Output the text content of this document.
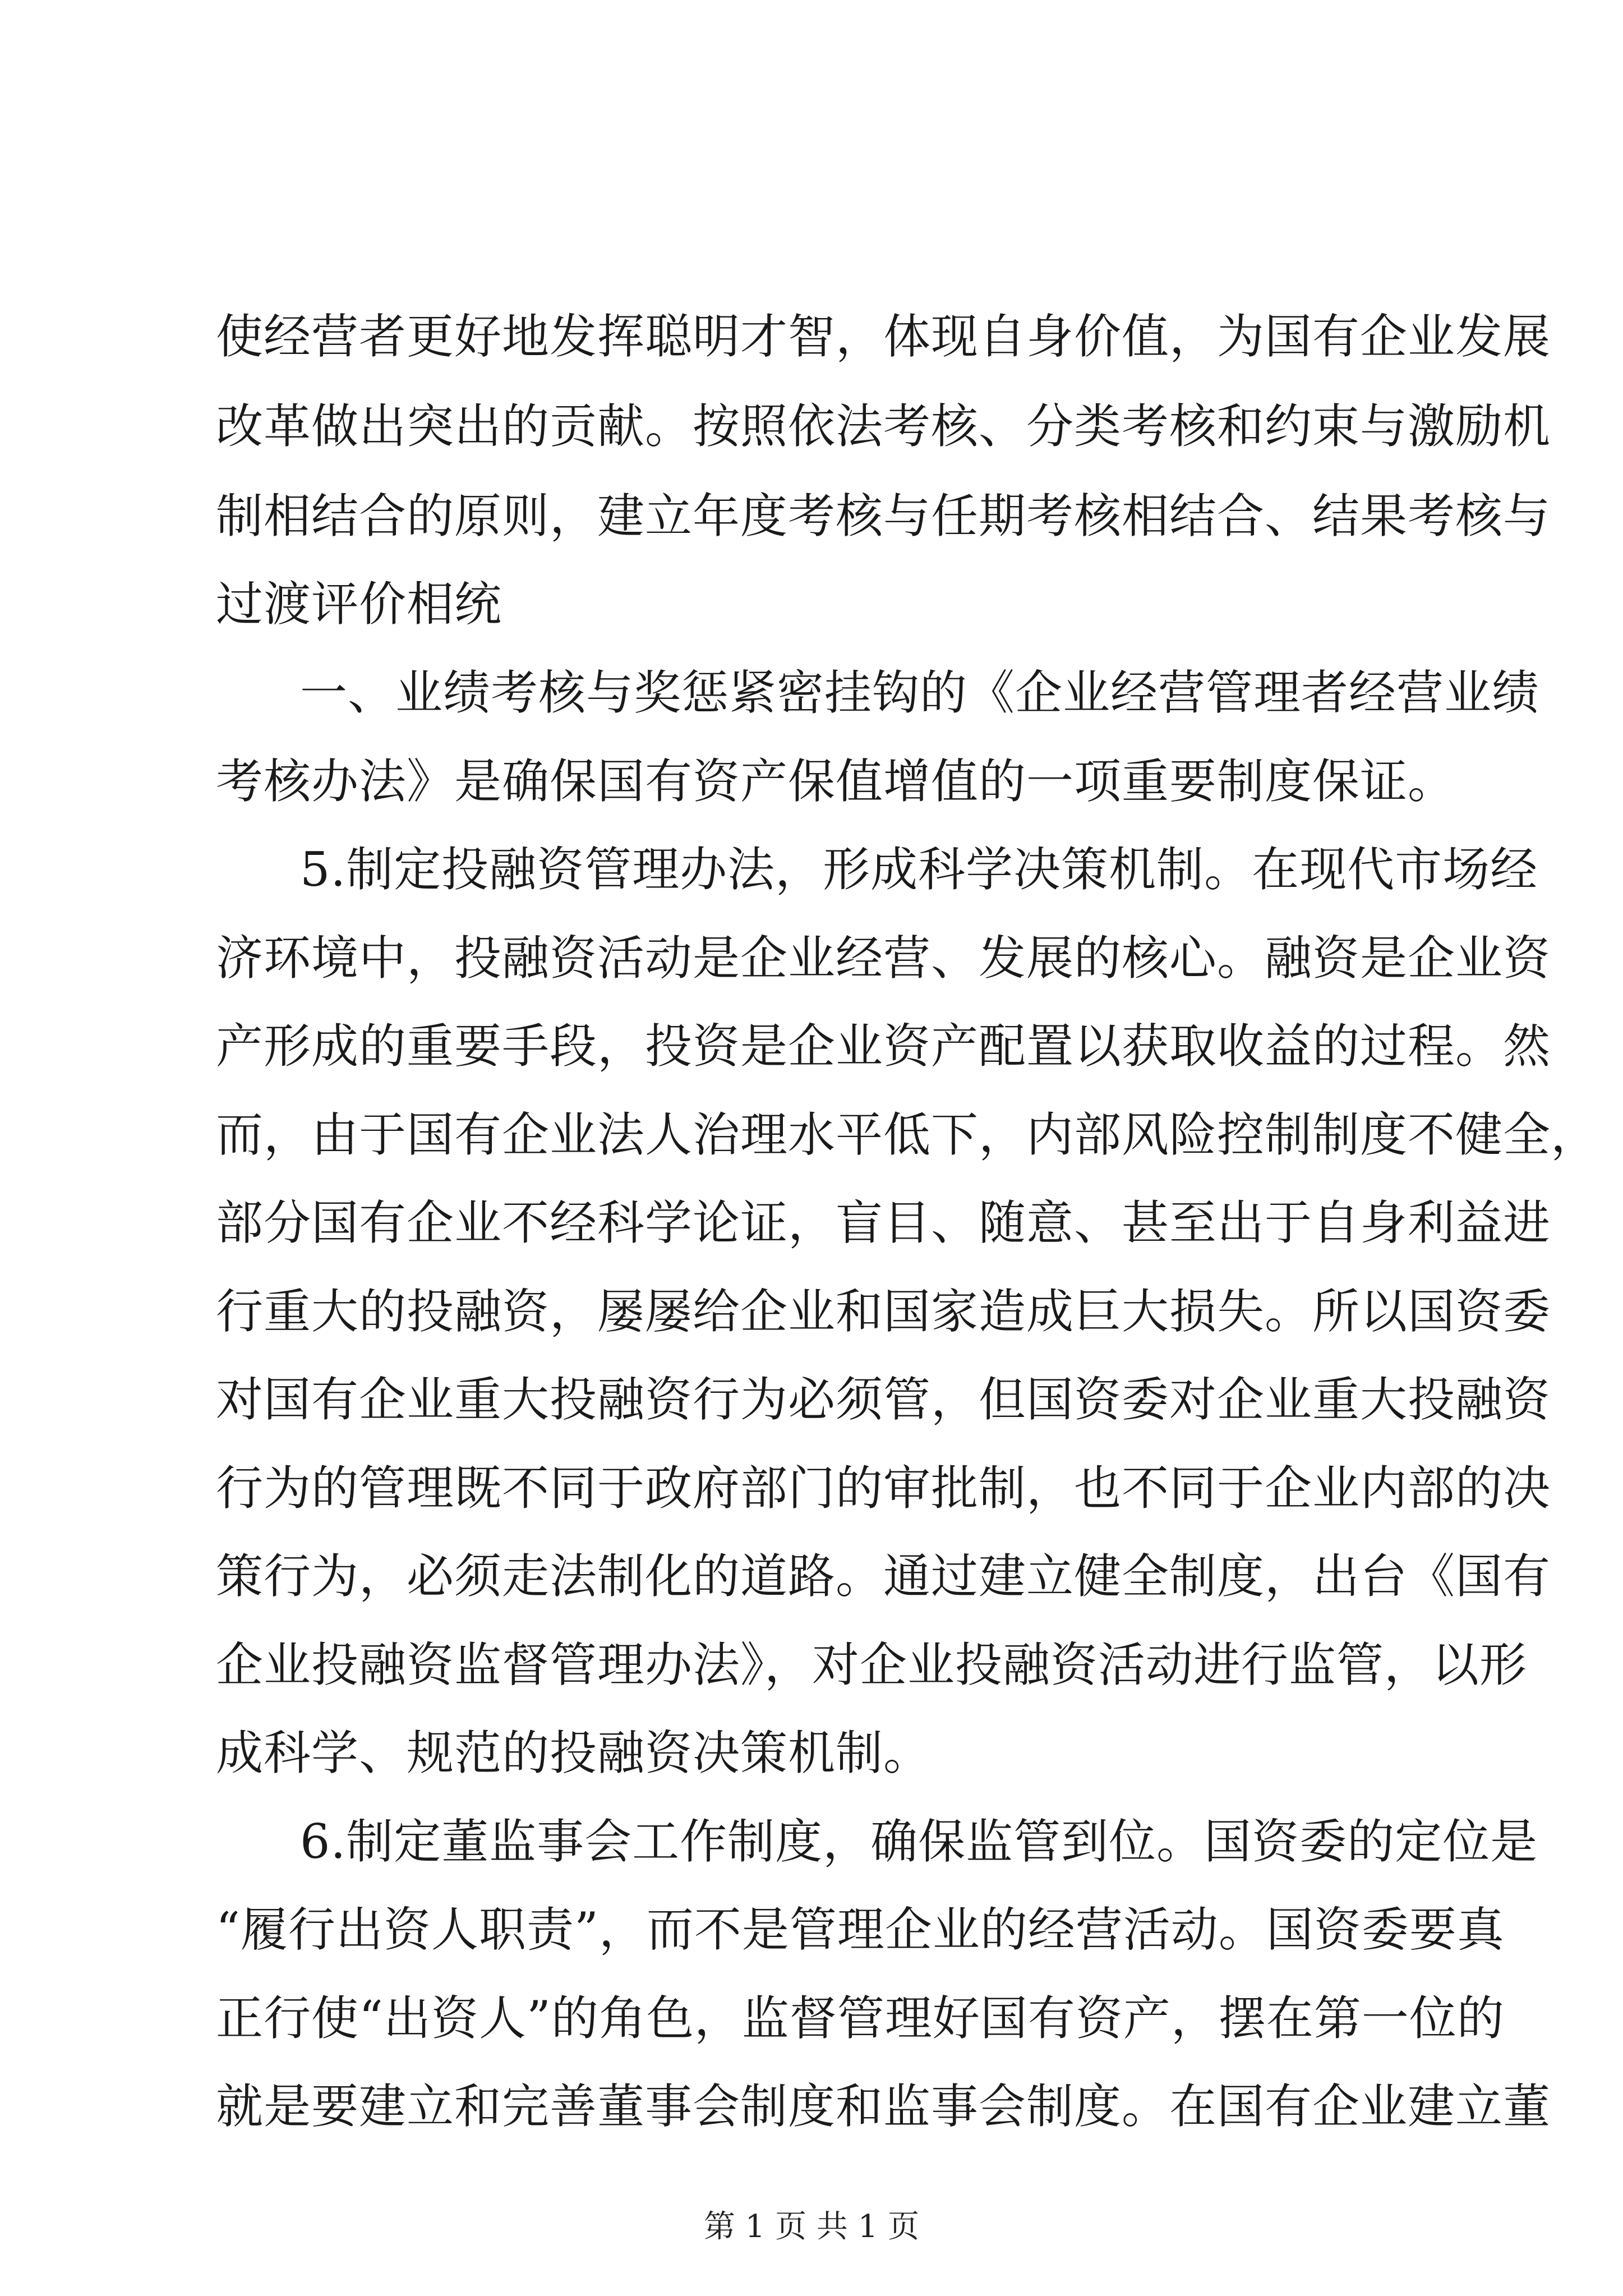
使经营者更好地发挥聪明才智，体现自身价值，为国有企业发展
改革做出突出的贡献。按照依法考核、分类考核和约束与激励机
制相结合的原则，建立年度考核与任期考核相结合、结果考核与
过渡评价相统
一、业绩考核与奖惩紧密挂钩的《企业经营管理者经营业绩
考核办法》是确保国有资产保值增值的一项重要制度保证。
5.制定投融资管理办法，形成科学决策机制。在现代市场经
济环境中，投融资活动是企业经营、发展的核心。融资是企业资
产形成的重要手段，投资是企业资产配置以获取收益的过程。然
而，由于国有企业法人治理水平低下，内部风险控制制度不健全，
部分国有企业不经科学论证，盲目、随意、甚至出于自身利益进
行重大的投融资，屡屡给企业和国家造成巨大损失。所以国资委
对国有企业重大投融资行为必须管，但国资委对企业重大投融资
行为的管理既不同于政府部门的审批制，也不同于企业内部的决
策行为，必须走法制化的道路。通过建立健全制度，出台《国有
企业投融资监督管理办法》，对企业投融资活动进行监管，以形
成科学、规范的投融资决策机制。
6.制定董监事会工作制度，确保监管到位。国资委的定位是
“履行出资人职责”，而不是管理企业的经营活动。国资委要真
正行使“出资人”的角色，监督管理好国有资产，摆在第一位的
就是要建立和完善董事会制度和监事会制度。在国有企业建立董
第 1 页 共 1 页
